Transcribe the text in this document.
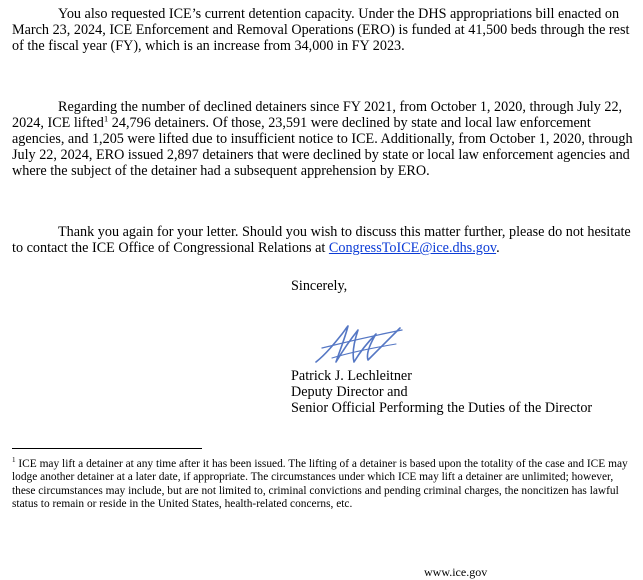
You also requested ICE’s current detention capacity. Under the DHS appropriations bill enacted on March 23, 2024, ICE Enforcement and Removal Operations (ERO) is funded at 41,500 beds through the rest of the fiscal year (FY), which is an increase from 34,000 in FY 2023.

Regarding the number of declined detainers since FY 2021, from October 1, 2020, through July 22, 2024, ICE lifted$^1$ 24,796 detainers. Of those, 23,591 were declined by state and local law enforcement agencies, and 1,205 were lifted due to insufficient notice to ICE. Additionally, from October 1, 2020, through July 22, 2024, ERO issued 2,897 detainers that were declined by state or local law enforcement agencies and where the subject of the detainer had a subsequent apprehension by ERO.

Thank you again for your letter. Should you wish to discuss this matter further, please do not hesitate to contact the ICE Office of Congressional Relations at CongressToICE@ice.dhs.gov.

Sincerely,
Patrick J. Lechleitner
Deputy Director and
Senior Official Performing the Duties of the Director
$^1$ ICE may lift a detainer at any time after it has been issued. The lifting of a detainer is based upon the totality of the case and ICE may lodge another detainer at a later date, if appropriate. The circumstances under which ICE may lift a detainer are unlimited; however, these circumstances may include, but are not limited to, criminal convictions and pending criminal charges, the noncitizen has lawful status to remain or reside in the United States, health-related concerns, etc.
www.ice.gov
